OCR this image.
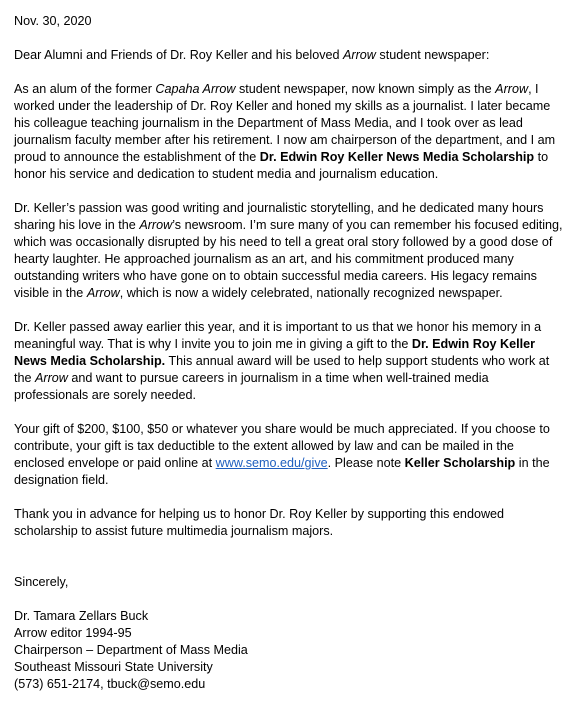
Nov. 30, 2020

Dear Alumni and Friends of Dr. Roy Keller and his beloved Arrow student newspaper:

As an alum of the former Capaha Arrow student newspaper, now known simply as the Arrow, I worked under the leadership of Dr. Roy Keller and honed my skills as a journalist. I later became his colleague teaching journalism in the Department of Mass Media, and I took over as lead journalism faculty member after his retirement. I now am chairperson of the department, and I am proud to announce the establishment of the Dr. Edwin Roy Keller News Media Scholarship to honor his service and dedication to student media and journalism education.

Dr. Keller’s passion was good writing and journalistic storytelling, and he dedicated many hours sharing his love in the Arrow’s newsroom. I’m sure many of you can remember his focused editing, which was occasionally disrupted by his need to tell a great oral story followed by a good dose of hearty laughter. He approached journalism as an art, and his commitment produced many outstanding writers who have gone on to obtain successful media careers. His legacy remains visible in the Arrow, which is now a widely celebrated, nationally recognized newspaper.

Dr. Keller passed away earlier this year, and it is important to us that we honor his memory in a meaningful way. That is why I invite you to join me in giving a gift to the Dr. Edwin Roy Keller News Media Scholarship. This annual award will be used to help support students who work at the Arrow and want to pursue careers in journalism in a time when well-trained media professionals are sorely needed.

Your gift of $200, $100, $50 or whatever you share would be much appreciated. If you choose to contribute, your gift is tax deductible to the extent allowed by law and can be mailed in the enclosed envelope or paid online at www.semo.edu/give. Please note Keller Scholarship in the designation field.

Thank you in advance for helping us to honor Dr. Roy Keller by supporting this endowed scholarship to assist future multimedia journalism majors.

Sincerely,

Dr. Tamara Zellars Buck
Arrow editor 1994-95
Chairperson – Department of Mass Media
Southeast Missouri State University
(573) 651-2174, tbuck@semo.edu
